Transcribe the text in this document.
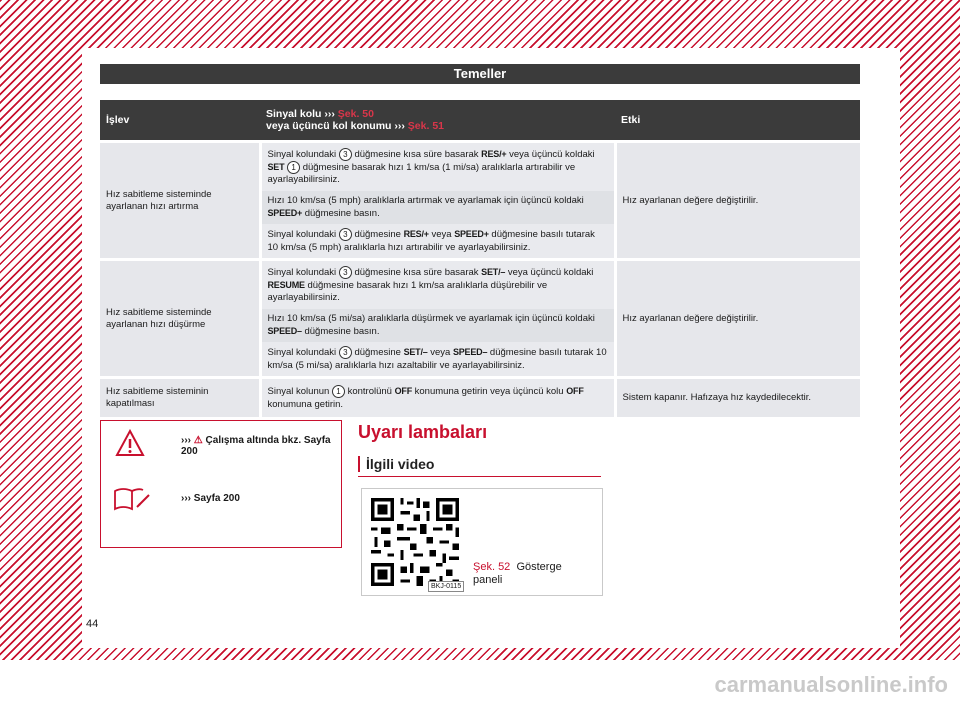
Temeller
İşlev	Sinyal kolu ››› Şek. 50
veya üçüncü kol konumu ››› Şek. 51	Etki

Hız sabitleme sisteminde ayarlanan hızı artırma	Sinyal kolundaki 3 düğmesine kısa süre basarak RES/+ veya üçüncü koldaki SET 1 düğmesine basarak hızı 1 km/sa (1 mi/sa) aralıklarla artırabilir ve ayarlayabilirsiniz.	Hız ayarlanan değere değiştirilir.
	Hızı 10 km/sa (5 mph) aralıklarla artırmak ve ayarlamak için üçüncü koldaki SPEED+ düğmesine basın.	
	Sinyal kolundaki 3 düğmesine RES/+ veya SPEED+ düğmesine basılı tutarak 10 km/sa (5 mph) aralıklarla hızı artırabilir ve ayarlayabilirsiniz.	

Hız sabitleme sisteminde ayarlanan hızı düşürme	Sinyal kolundaki 3 düğmesine kısa süre basarak SET/– veya üçüncü koldaki RESUME düğmesine basarak hızı 1 km/sa aralıklarla düşürebilir ve ayarlayabilirsiniz.	Hız ayarlanan değere değiştirilir.
	Hızı 10 km/sa (5 mi/sa) aralıklarla düşürmek ve ayarlamak için üçüncü koldaki SPEED– düğmesine basın.	
	Sinyal kolundaki 3 düğmesine SET/– veya SPEED– düğmesine basılı tutarak 10 km/sa (5 mi/sa) aralıklarla hızı azaltabilir ve ayarlayabilirsiniz.	

Hız sabitleme sisteminin kapatılması	Sinyal kolunun 1 kontrolünü OFF konumuna getirin veya üçüncü kolu OFF konumuna getirin.	Sistem kapanır. Hafızaya hız kaydedilecektir.
››› ⚠ Çalışma altında bkz. Sayfa 200
››› Sayfa 200
Uyarı lambaları
İlgili video
BKJ-0115
Şek. 52 Gösterge paneli
44
carmanualsonline.info
